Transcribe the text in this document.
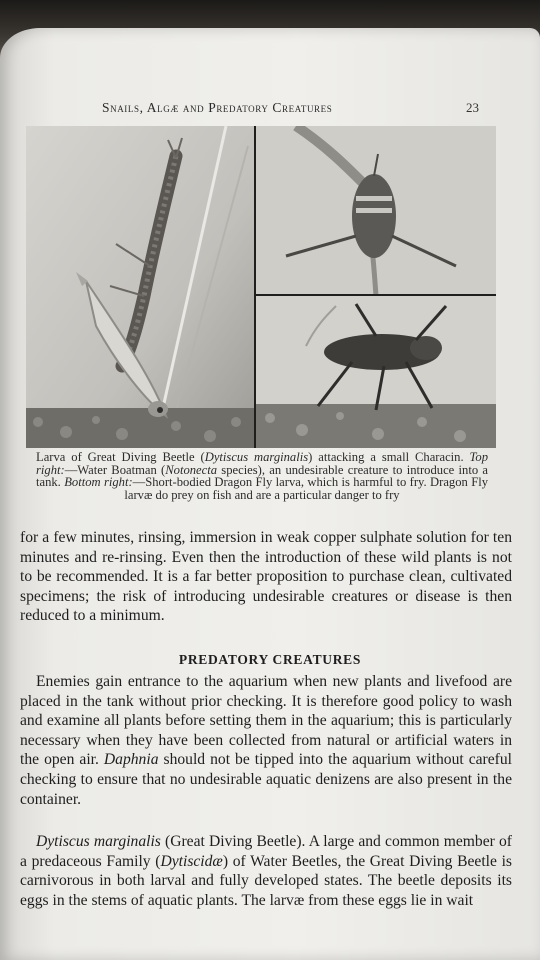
Snails, Algæ and Predatory Creatures	23
Larva of Great Diving Beetle (Dytiscus marginalis) attacking a small Characin. Top right:—Water Boatman (Notonecta species), an undesirable creature to introduce into a tank. Bottom right:—Short-bodied Dragon Fly larva, which is harmful to fry. Dragon Fly larvæ do prey on fish and are a particular danger to fry

for a few minutes, rinsing, immersion in weak copper sulphate solution for ten minutes and re-rinsing. Even then the introduction of these wild plants is not to be recommended. It is a far better proposition to purchase clean, cultivated specimens; the risk of introducing undesirable creatures or disease is then reduced to a minimum.

PREDATORY CREATURES

Enemies gain entrance to the aquarium when new plants and livefood are placed in the tank without prior checking. It is therefore good policy to wash and examine all plants before setting them in the aquarium; this is particularly necessary when they have been collected from natural or artificial waters in the open air. Daphnia should not be tipped into the aquarium without careful checking to ensure that no undesirable aquatic denizens are also present in the container.

Dytiscus marginalis (Great Diving Beetle). A large and common member of a predaceous Family (Dytiscidæ) of Water Beetles, the Great Diving Beetle is carnivorous in both larval and fully developed states. The beetle deposits its eggs in the stems of aquatic plants. The larvæ from these eggs lie in wait
